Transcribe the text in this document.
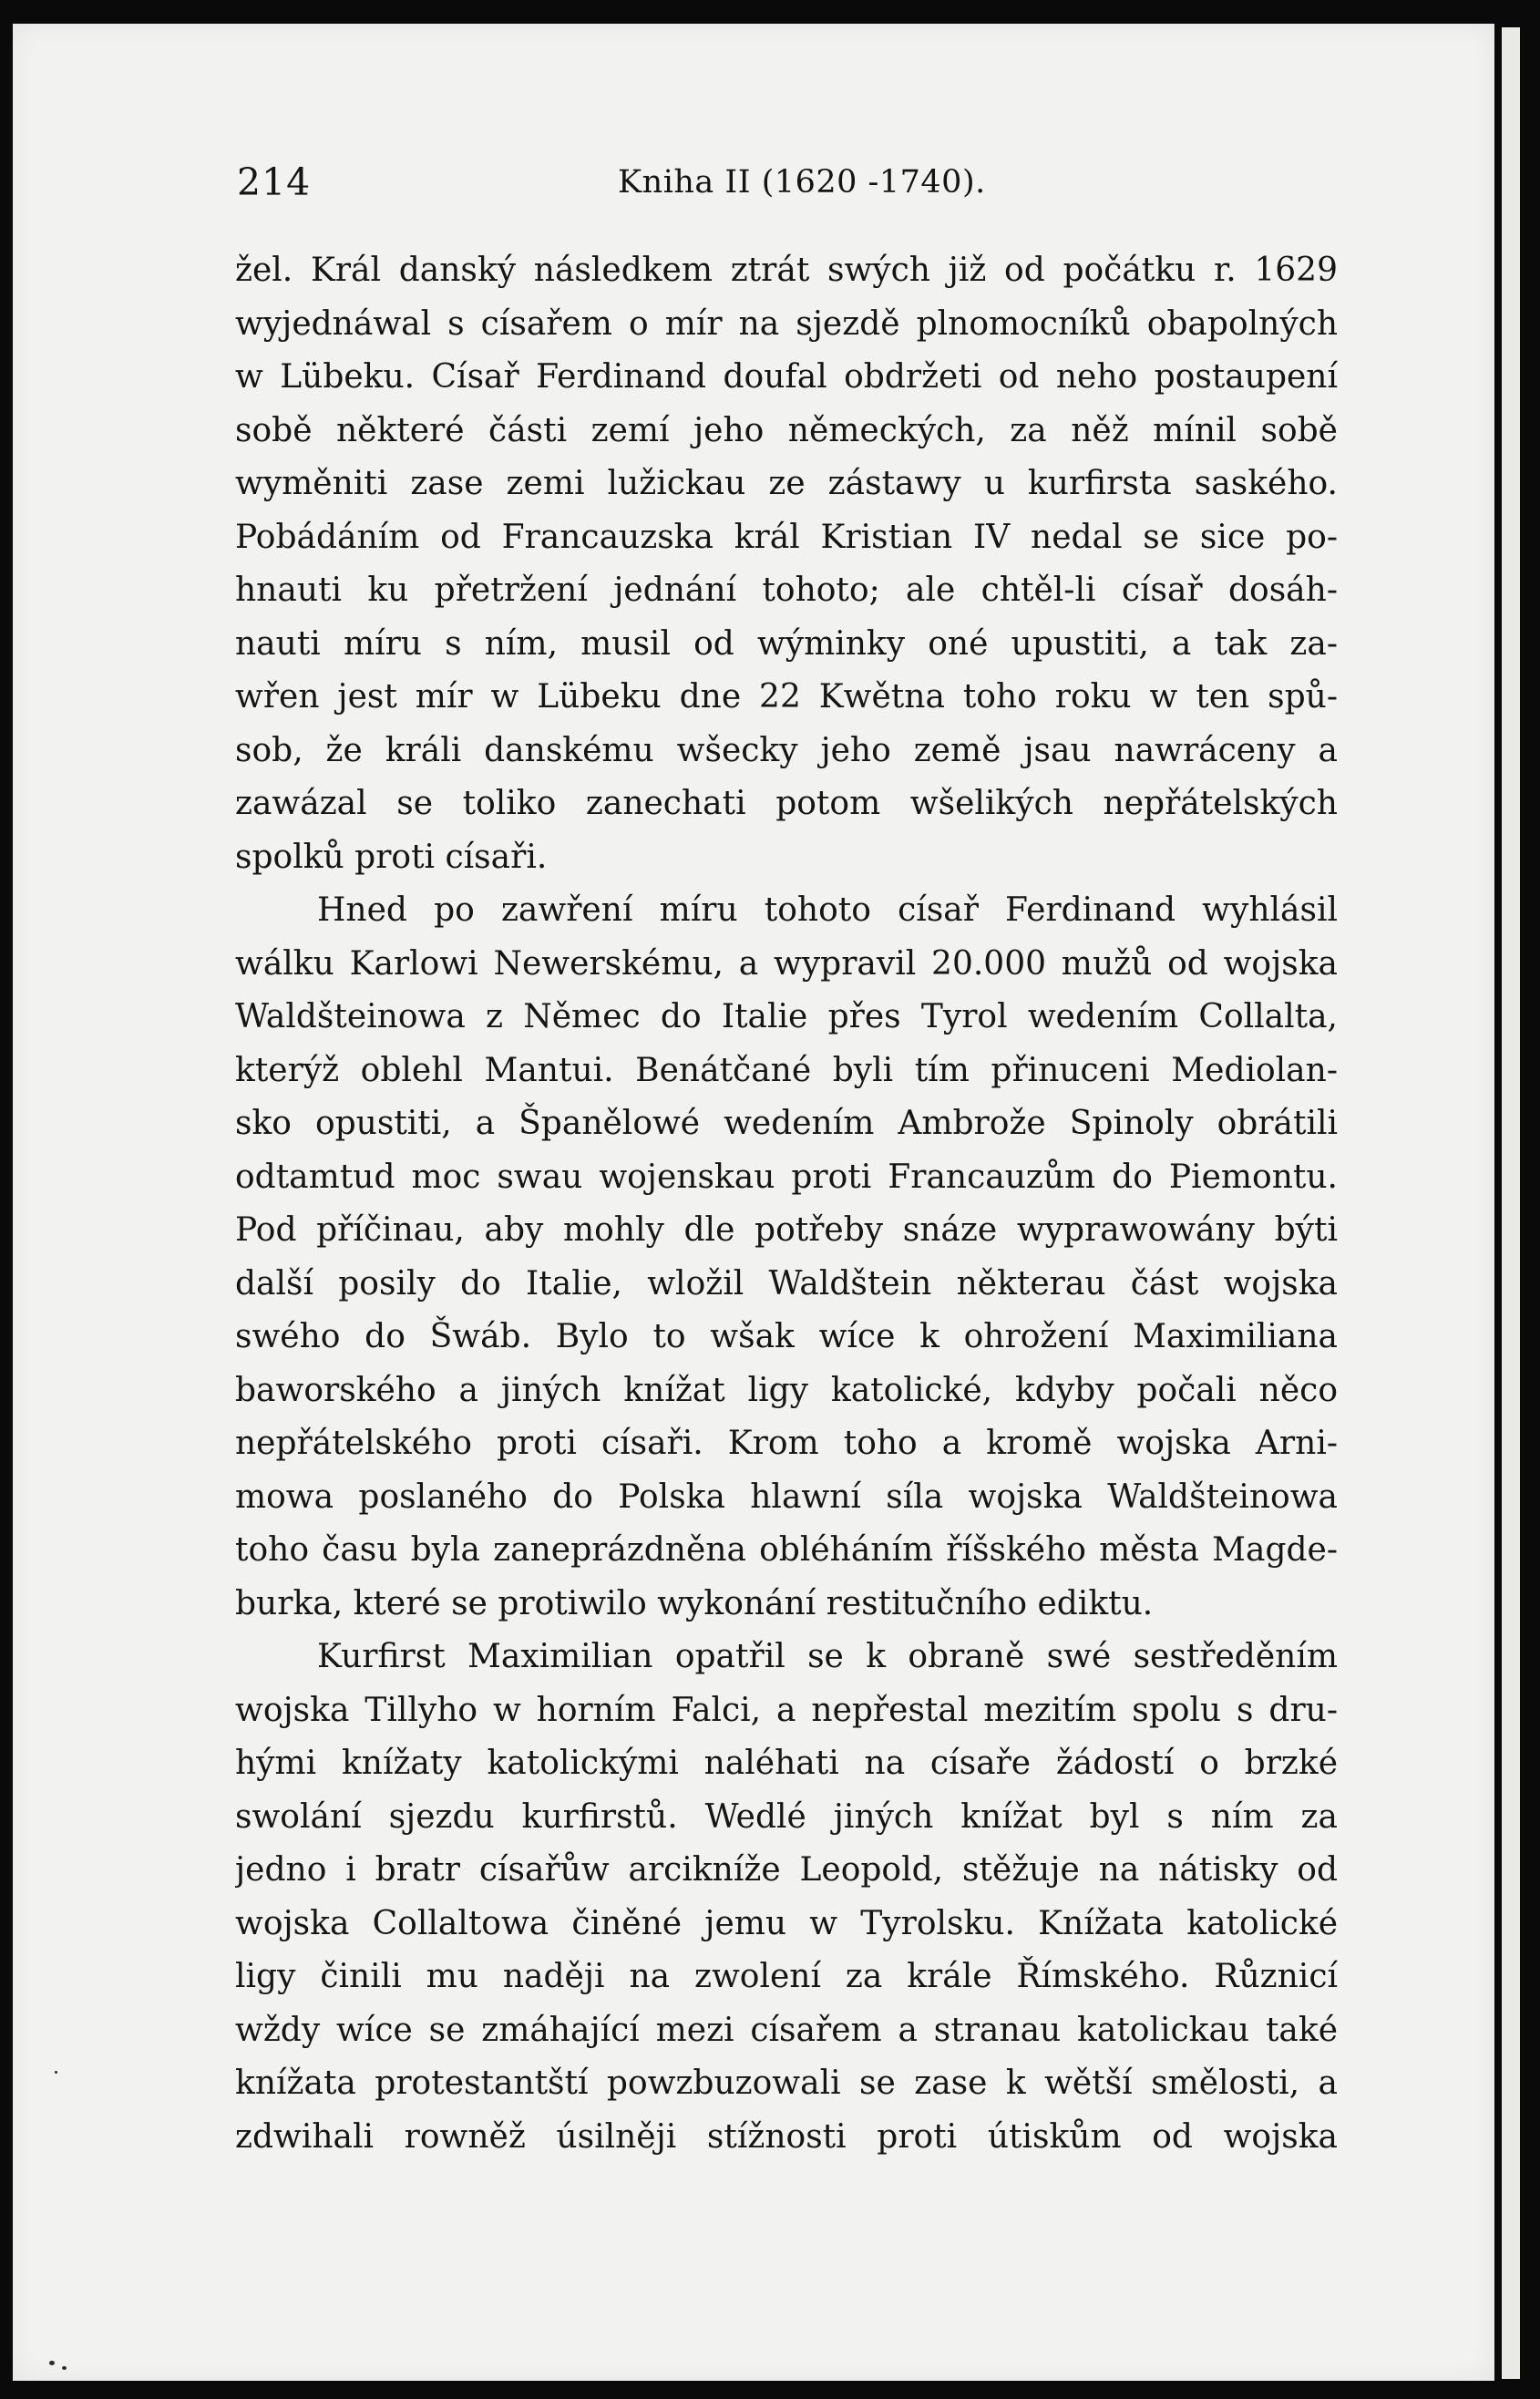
214	Kniha II (1620 -1740).
žel. Král danský následkem ztrát swých již od počátku r. 1629
wyjednáwal s císařem o mír na sjezdě plnomocníků obapolných
w Lübeku. Císař Ferdinand doufal obdržeti od neho postaupení
sobě některé části zemí jeho německých, za něž mínil sobě
wyměniti zase zemi lužickau ze zástawy u kurfirsta saského.
Pobádáním od Francauzska král Kristian IV nedal se sice po-
hnauti ku přetržení jednání tohoto; ale chtěl-li císař dosáh-
nauti míru s ním, musil od wýminky oné upustiti, a tak za-
wřen jest mír w Lübeku dne 22 Kwětna toho roku w ten spů-
sob, že králi danskému wšecky jeho země jsau nawráceny a
zawázal se toliko zanechati potom wšelikých nepřátelských
spolků proti císaři.
Hned po zawření míru tohoto císař Ferdinand wyhlásil
wálku Karlowi Newerskému, a wypravil 20.000 mužů od wojska
Waldšteinowa z Němec do Italie přes Tyrol wedením Collalta,
kterýž oblehl Mantui. Benátčané byli tím přinuceni Mediolan-
sko opustiti, a Španělowé wedením Ambrože Spinoly obrátili
odtamtud moc swau wojenskau proti Francauzům do Piemontu.
Pod příčinau, aby mohly dle potřeby snáze wyprawowány býti
další posily do Italie, wložil Waldštein některau část wojska
swého do Šwáb. Bylo to wšak wíce k ohrožení Maximiliana
baworského a jiných knížat ligy katolické, kdyby počali něco
nepřátelského proti císaři. Krom toho a kromě wojska Arni-
mowa poslaného do Polska hlawní síla wojska Waldšteinowa
toho času byla zaneprázdněna obléháním říšského města Magde-
burka, které se protiwilo wykonání restitučního ediktu.
Kurfirst Maximilian opatřil se k obraně swé sestředěním
wojska Tillyho w horním Falci, a nepřestal mezitím spolu s dru-
hými knížaty katolickými naléhati na císaře žádostí o brzké
swolání sjezdu kurfirstů. Wedlé jiných knížat byl s ním za
jedno i bratr císařůw arcikníže Leopold, stěžuje na nátisky od
wojska Collaltowa činěné jemu w Tyrolsku. Knížata katolické
ligy činili mu naději na zwolení za krále Římského. Různicí
wždy wíce se zmáhající mezi císařem a stranau katolickau také
knížata protestantští powzbuzowali se zase k wětší smělosti, a
zdwihali rowněž úsilněji stížnosti proti útiskům od wojska
